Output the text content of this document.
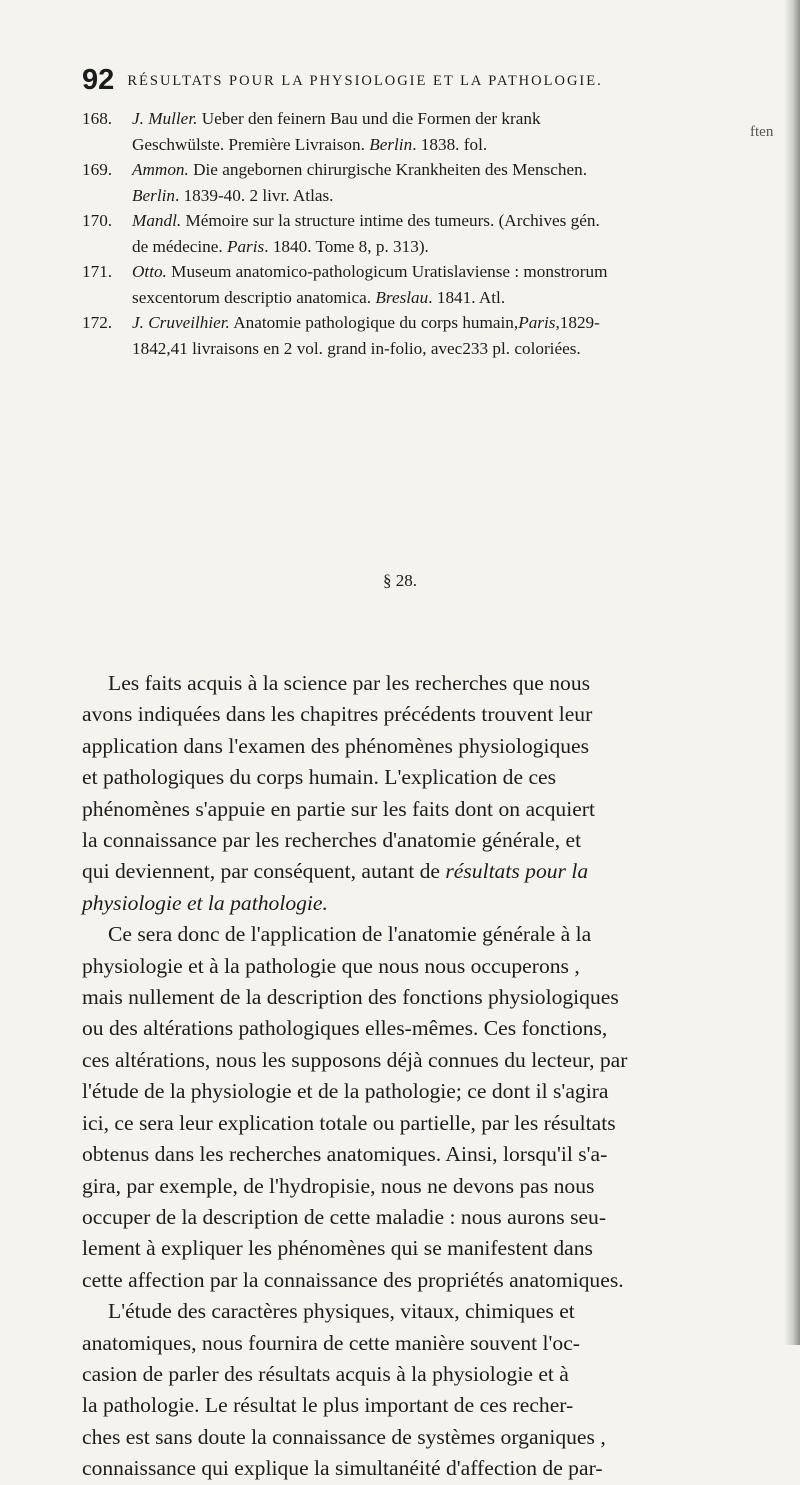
92 RÉSULTATS POUR LA PHYSIOLOGIE ET LA PATHOLOGIE.
ften
168. J. Muller. Ueber den feinern Bau und die Formen der krank
Geschwülste. Première Livraison. Berlin. 1838. fol.
169. Ammon. Die angebornen chirurgische Krankheiten des Menschen.
Berlin. 1839-40. 2 livr. Atlas.
170. Mandl. Mémoire sur la structure intime des tumeurs. (Archives gén.
de médecine. Paris. 1840. Tome 8, p. 313).
171. Otto. Museum anatomico-pathologicum Uratislaviense : monstrorum
sexcentorum descriptio anatomica. Breslau. 1841. Atl.
172. J. Cruveilhier. Anatomie pathologique du corps humain,Paris,1829-
1842,41 livraisons en 2 vol. grand in-folio, avec233 pl. coloriées.
§ 28.
Les faits acquis à la science par les recherches que nous
avons indiquées dans les chapitres précédents trouvent leur
application dans l'examen des phénomènes physiologiques
et pathologiques du corps humain. L'explication de ces
phénomènes s'appuie en partie sur les faits dont on acquiert
la connaissance par les recherches d'anatomie générale, et
qui deviennent, par conséquent, autant de résultats pour la
physiologie et la pathologie.
Ce sera donc de l'application de l'anatomie générale à la
physiologie et à la pathologie que nous nous occuperons ,
mais nullement de la description des fonctions physiologiques
ou des altérations pathologiques elles-mêmes. Ces fonctions,
ces altérations, nous les supposons déjà connues du lecteur, par
l'étude de la physiologie et de la pathologie; ce dont il s'agira
ici, ce sera leur explication totale ou partielle, par les résultats
obtenus dans les recherches anatomiques. Ainsi, lorsqu'il s'a-
gira, par exemple, de l'hydropisie, nous ne devons pas nous
occuper de la description de cette maladie : nous aurons seu-
lement à expliquer les phénomènes qui se manifestent dans
cette affection par la connaissance des propriétés anatomiques.
L'étude des caractères physiques, vitaux, chimiques et
anatomiques, nous fournira de cette manière souvent l'oc-
casion de parler des résultats acquis à la physiologie et à
la pathologie. Le résultat le plus important de ces recher-
ches est sans doute la connaissance de systèmes organiques ,
connaissance qui explique la simultanéité d'affection de par-
